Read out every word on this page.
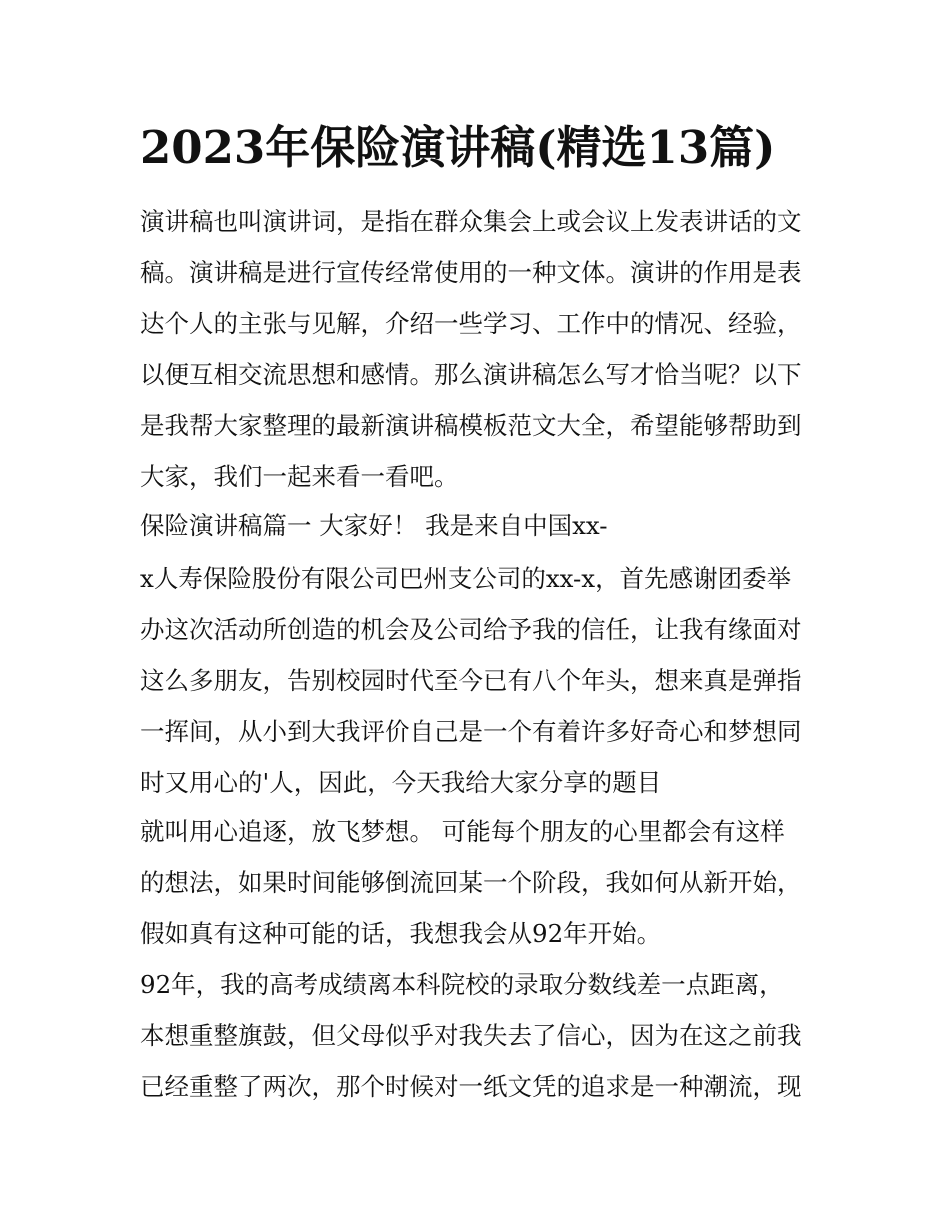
2023年保险演讲稿(精选13篇)

演讲稿也叫演讲词，是指在群众集会上或会议上发表讲话的文

稿。演讲稿是进行宣传经常使用的一种文体。演讲的作用是表

达个人的主张与见解，介绍一些学习、工作中的情况、经验，

以便互相交流思想和感情。那么演讲稿怎么写才恰当呢？以下

是我帮大家整理的最新演讲稿模板范文大全，希望能够帮助到

大家，我们一起来看一看吧。

保险演讲稿篇一 大家好！ 我是来自中国xx-

x人寿保险股份有限公司巴州支公司的xx-x，首先感谢团委举

办这次活动所创造的机会及公司给予我的信任，让我有缘面对

这么多朋友，告别校园时代至今已有八个年头，想来真是弹指

一挥间，从小到大我评价自己是一个有着许多好奇心和梦想同

时又用心的'人，因此，今天我给大家分享的题目

就叫用心追逐，放飞梦想。 可能每个朋友的心里都会有这样

的想法，如果时间能够倒流回某一个阶段，我如何从新开始，

假如真有这种可能的话，我想我会从92年开始。

92年，我的高考成绩离本科院校的录取分数线差一点距离，

本想重整旗鼓，但父母似乎对我失去了信心，因为在这之前我

已经重整了两次，那个时候对一纸文凭的追求是一种潮流，现
